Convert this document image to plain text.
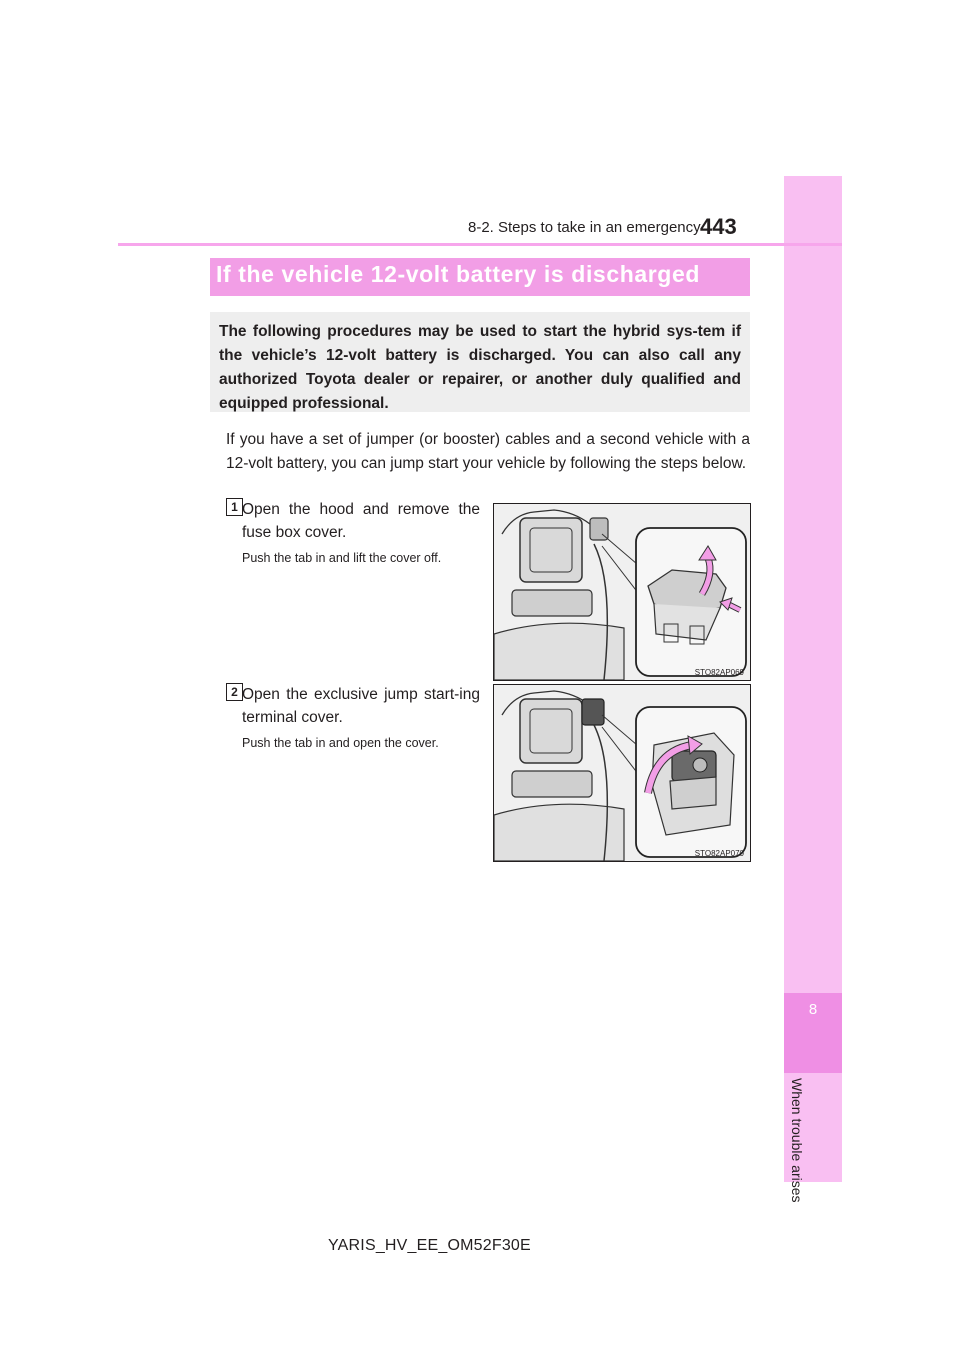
8
When trouble arises
8-2. Steps to take in an emergency 443
If the vehicle 12-volt battery is discharged

The following procedures may be used to start the hybrid sys-tem if the vehicle’s 12-volt battery is discharged. You can also call any authorized Toyota dealer or repairer, or another duly qualified and equipped professional.

If you have a set of jumper (or booster) cables and a second vehicle with a 12-volt battery, you can jump start your vehicle by following the steps below.

1 Open the hood and remove the fuse box cover.

Push the tab in and lift the cover off.

STO82AP069
2 Open the exclusive jump start-ing terminal cover.

Push the tab in and open the cover.

STO82AP070
YARIS_HV_EE_OM52F30E
